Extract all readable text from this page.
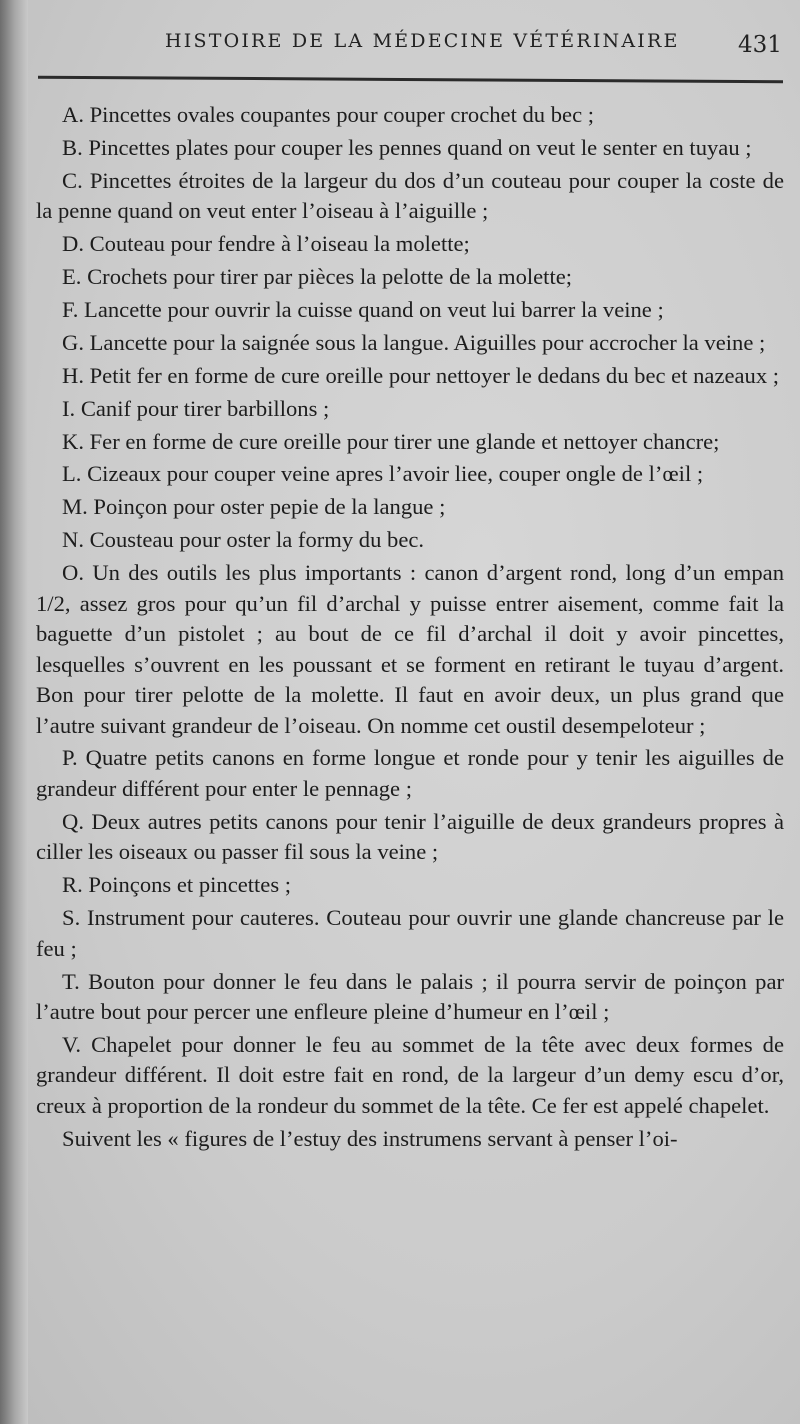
HISTOIRE DE LA MÉDECINE VÉTÉRINAIRE	431

A. Pincettes ovales coupantes pour couper crochet du bec ;

B. Pincettes plates pour couper les pennes quand on veut le senter en tuyau ;

C. Pincettes étroites de la largeur du dos d’un couteau pour couper la coste de la penne quand on veut enter l’oiseau à l’aiguille ;

D. Couteau pour fendre à l’oiseau la molette;

E. Crochets pour tirer par pièces la pelotte de la molette;

F. Lancette pour ouvrir la cuisse quand on veut lui barrer la veine ;

G. Lancette pour la saignée sous la langue. Aiguilles pour accrocher la veine ;

H. Petit fer en forme de cure oreille pour nettoyer le dedans du bec et nazeaux ;

I. Canif pour tirer barbillons ;

K. Fer en forme de cure oreille pour tirer une glande et nettoyer chancre;

L. Cizeaux pour couper veine apres l’avoir liee, couper ongle de l’œil ;

M. Poinçon pour oster pepie de la langue ;

N. Cousteau pour oster la formy du bec.

O. Un des outils les plus importants : canon d’argent rond, long d’un empan 1/2, assez gros pour qu’un fil d’archal y puisse entrer aisement, comme fait la baguette d’un pistolet ; au bout de ce fil d’archal il doit y avoir pincettes, lesquelles s’ouvrent en les poussant et se forment en retirant le tuyau d’argent. Bon pour tirer pelotte de la molette. Il faut en avoir deux, un plus grand que l’autre suivant grandeur de l’oiseau. On nomme cet oustil desempeloteur ;

P. Quatre petits canons en forme longue et ronde pour y tenir les aiguilles de grandeur différent pour enter le pennage ;

Q. Deux autres petits canons pour tenir l’aiguille de deux grandeurs propres à ciller les oiseaux ou passer fil sous la veine ;

R. Poinçons et pincettes ;

S. Instrument pour cauteres. Couteau pour ouvrir une glande chancreuse par le feu ;

T. Bouton pour donner le feu dans le palais ; il pourra servir de poinçon par l’autre bout pour percer une enfleure pleine d’humeur en l’œil ;

V. Chapelet pour donner le feu au sommet de la tête avec deux formes de grandeur différent. Il doit estre fait en rond, de la largeur d’un demy escu d’or, creux à proportion de la rondeur du sommet de la tête. Ce fer est appelé chapelet.

Suivent les « figures de l’estuy des instrumens servant à penser l’oi-
